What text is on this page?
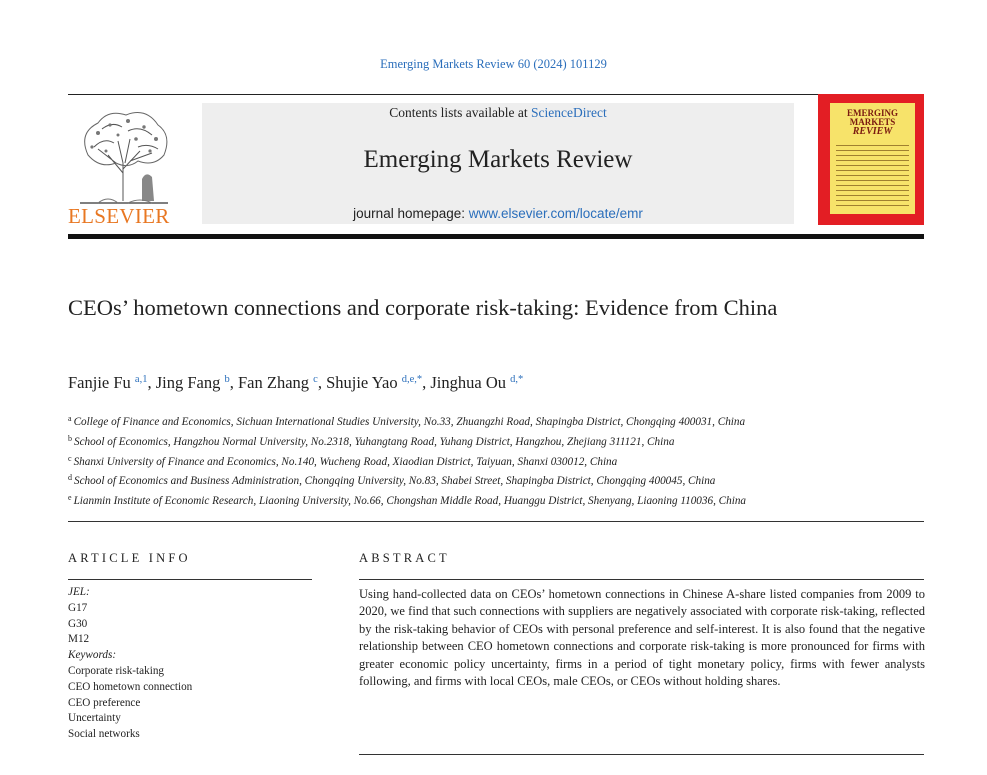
Emerging Markets Review 60 (2024) 101129
ELSEVIER
Contents lists available at ScienceDirect
Emerging Markets Review
journal homepage: www.elsevier.com/locate/emr
EMERGING
MARKETS
REVIEW
CEOs’ hometown connections and corporate risk-taking: Evidence from China
Fanjie Fu $^{a,1}$, Jing Fang $^b$, Fan Zhang $^c$, Shujie Yao $^{d,e,*}$, Jinghua Ou $^{d,*}$
$^a$ College of Finance and Economics, Sichuan International Studies University, No.33, Zhuangzhi Road, Shapingba District, Chongqing 400031, China
$^b$ School of Economics, Hangzhou Normal University, No.2318, Yuhangtang Road, Yuhang District, Hangzhou, Zhejiang 311121, China
$^c$ Shanxi University of Finance and Economics, No.140, Wucheng Road, Xiaodian District, Taiyuan, Shanxi 030012, China
$^d$ School of Economics and Business Administration, Chongqing University, No.83, Shabei Street, Shapingba District, Chongqing 400045, China
$^e$ Lianmin Institute of Economic Research, Liaoning University, No.66, Chongshan Middle Road, Huanggu District, Shenyang, Liaoning 110036, China
ARTICLE INFO
JEL:
G17
G30
M12
Keywords:
Corporate risk-taking
CEO hometown connection
CEO preference
Uncertainty
Social networks
ABSTRACT
Using hand-collected data on CEOs’ hometown connections in Chinese A-share listed companies from 2009 to 2020, we find that such connections with suppliers are negatively associated with corporate risk-taking, reflected by the risk-taking behavior of CEOs with personal preference and self-interest. It is also found that the negative relationship between CEO hometown connections and corporate risk-taking is more pronounced for firms with greater economic policy uncertainty, firms in a period of tight monetary policy, firms with fewer analysts following, and firms with local CEOs, male CEOs, or CEOs without holding shares.
